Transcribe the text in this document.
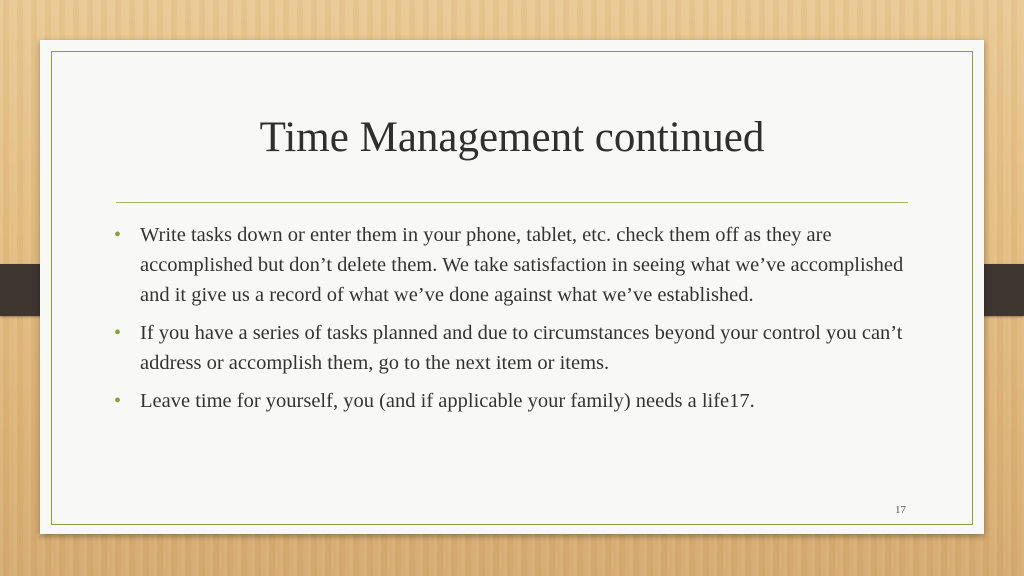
Time Management continued
• Write tasks down or enter them in your phone, tablet, etc. check them off as they are accomplished but don’t delete them. We take satisfaction in seeing what we’ve accomplished and it give us a record of what we’ve done against what we’ve established.
• If you have a series of tasks planned and due to circumstances beyond your control you can’t address or accomplish them, go to the next item or items.
• Leave time for yourself, you (and if applicable your family) needs a life17.
17
